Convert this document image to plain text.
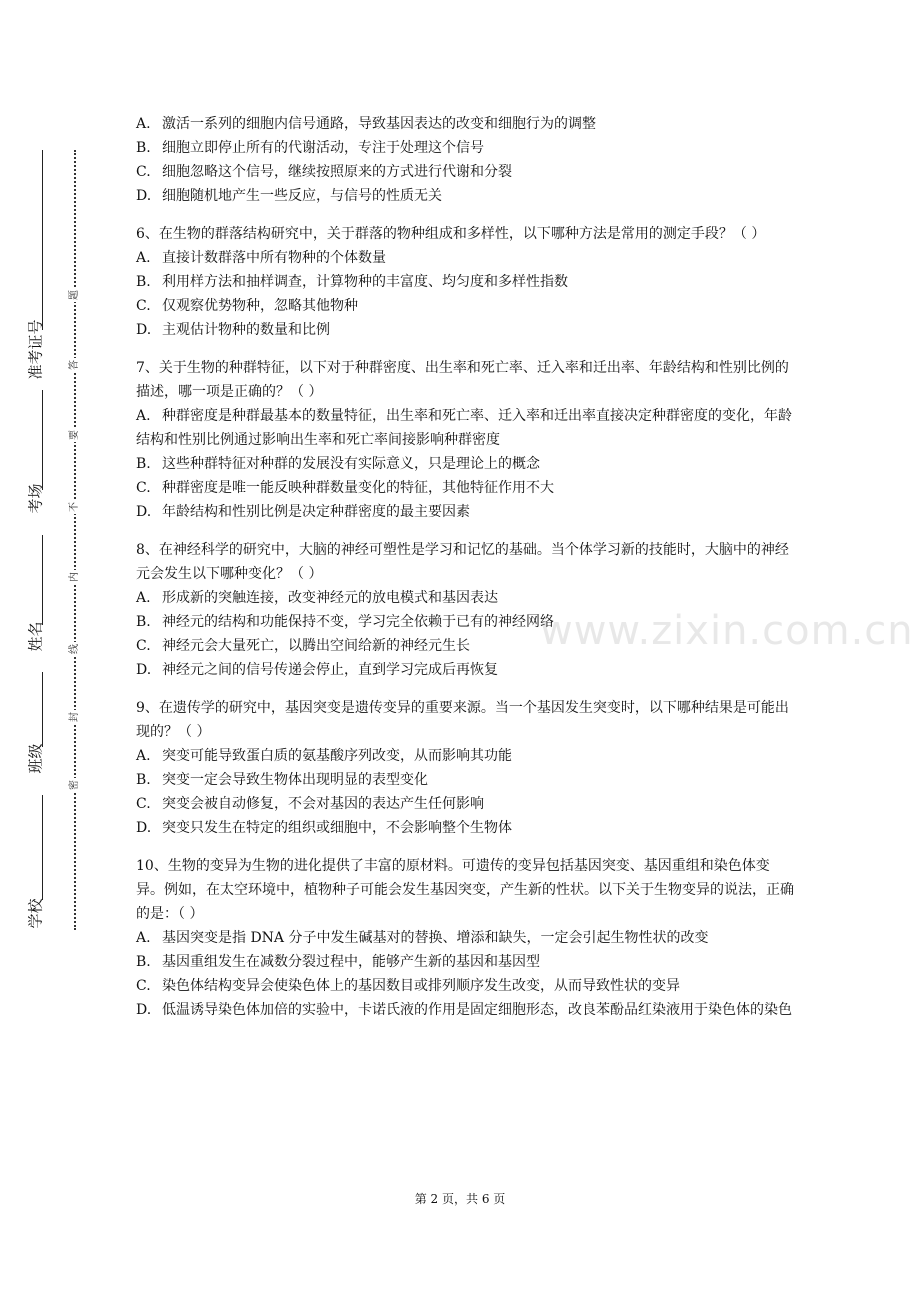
学校
班级
姓名
考场
准考证号
密
封
线
内
不
要
答
题
www.zixin.com.cn
A. 激活一系列的细胞内信号通路，导致基因表达的改变和细胞行为的调整
B. 细胞立即停止所有的代谢活动，专注于处理这个信号
C. 细胞忽略这个信号，继续按照原来的方式进行代谢和分裂
D. 细胞随机地产生一些反应，与信号的性质无关
6、在生物的群落结构研究中，关于群落的物种组成和多样性，以下哪种方法是常用的测定手段？（ ）
A. 直接计数群落中所有物种的个体数量
B. 利用样方法和抽样调查，计算物种的丰富度、均匀度和多样性指数
C. 仅观察优势物种，忽略其他物种
D. 主观估计物种的数量和比例
7、关于生物的种群特征，以下对于种群密度、出生率和死亡率、迁入率和迁出率、年龄结构和性别比例的描述，哪一项是正确的？（ ）
A. 种群密度是种群最基本的数量特征，出生率和死亡率、迁入率和迁出率直接决定种群密度的变化，年龄结构和性别比例通过影响出生率和死亡率间接影响种群密度
B. 这些种群特征对种群的发展没有实际意义，只是理论上的概念
C. 种群密度是唯一能反映种群数量变化的特征，其他特征作用不大
D. 年龄结构和性别比例是决定种群密度的最主要因素
8、在神经科学的研究中，大脑的神经可塑性是学习和记忆的基础。当个体学习新的技能时，大脑中的神经元会发生以下哪种变化？（ ）
A. 形成新的突触连接，改变神经元的放电模式和基因表达
B. 神经元的结构和功能保持不变，学习完全依赖于已有的神经网络
C. 神经元会大量死亡，以腾出空间给新的神经元生长
D. 神经元之间的信号传递会停止，直到学习完成后再恢复
9、在遗传学的研究中，基因突变是遗传变异的重要来源。当一个基因发生突变时，以下哪种结果是可能出现的？（ ）
A. 突变可能导致蛋白质的氨基酸序列改变，从而影响其功能
B. 突变一定会导致生物体出现明显的表型变化
C. 突变会被自动修复，不会对基因的表达产生任何影响
D. 突变只发生在特定的组织或细胞中，不会影响整个生物体
10、生物的变异为生物的进化提供了丰富的原材料。可遗传的变异包括基因突变、基因重组和染色体变异。例如，在太空环境中，植物种子可能会发生基因突变，产生新的性状。以下关于生物变异的说法，正确的是：（ ）
A. 基因突变是指 DNA 分子中发生碱基对的替换、增添和缺失，一定会引起生物性状的改变
B. 基因重组发生在减数分裂过程中，能够产生新的基因和基因型
C. 染色体结构变异会使染色体上的基因数目或排列顺序发生改变，从而导致性状的变异
D. 低温诱导染色体加倍的实验中，卡诺氏液的作用是固定细胞形态，改良苯酚品红染液用于染色体的染色
第 2 页，共 6 页
